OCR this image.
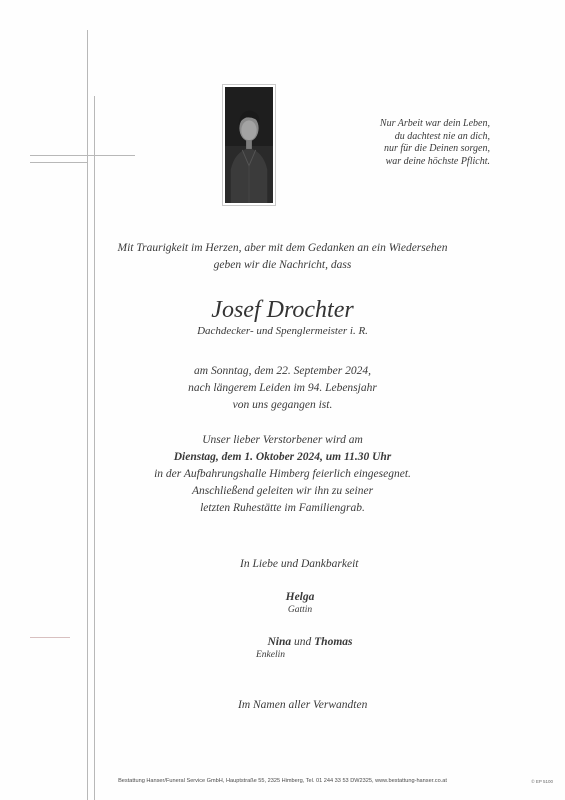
Nur Arbeit war dein Leben,
du dachtest nie an dich,
nur für die Deinen sorgen,
war deine höchste Pflicht.
Mit Traurigkeit im Herzen, aber mit dem Gedanken an ein Wiedersehen
geben wir die Nachricht, dass
Josef Drochter
Dachdecker- und Spenglermeister i. R.
am Sonntag, dem 22. September 2024,
nach längerem Leiden im 94. Lebensjahr
von uns gegangen ist.
Unser lieber Verstorbener wird am
Dienstag, dem 1. Oktober 2024, um 11.30 Uhr
in der Aufbahrungshalle Himberg feierlich eingesegnet.
Anschließend geleiten wir ihn zu seiner
letzten Ruhestätte im Familiengrab.
In Liebe und Dankbarkeit
Helga
Gattin
Nina und Thomas
Enkelin
Im Namen aller Verwandten
Bestattung Hanser/Funeral Service GmbH, Hauptstraße 55, 2325 Himberg, Tel. 01 244 33 53 DW2325, www.bestattung-hanser.co.at	© EP 5100
